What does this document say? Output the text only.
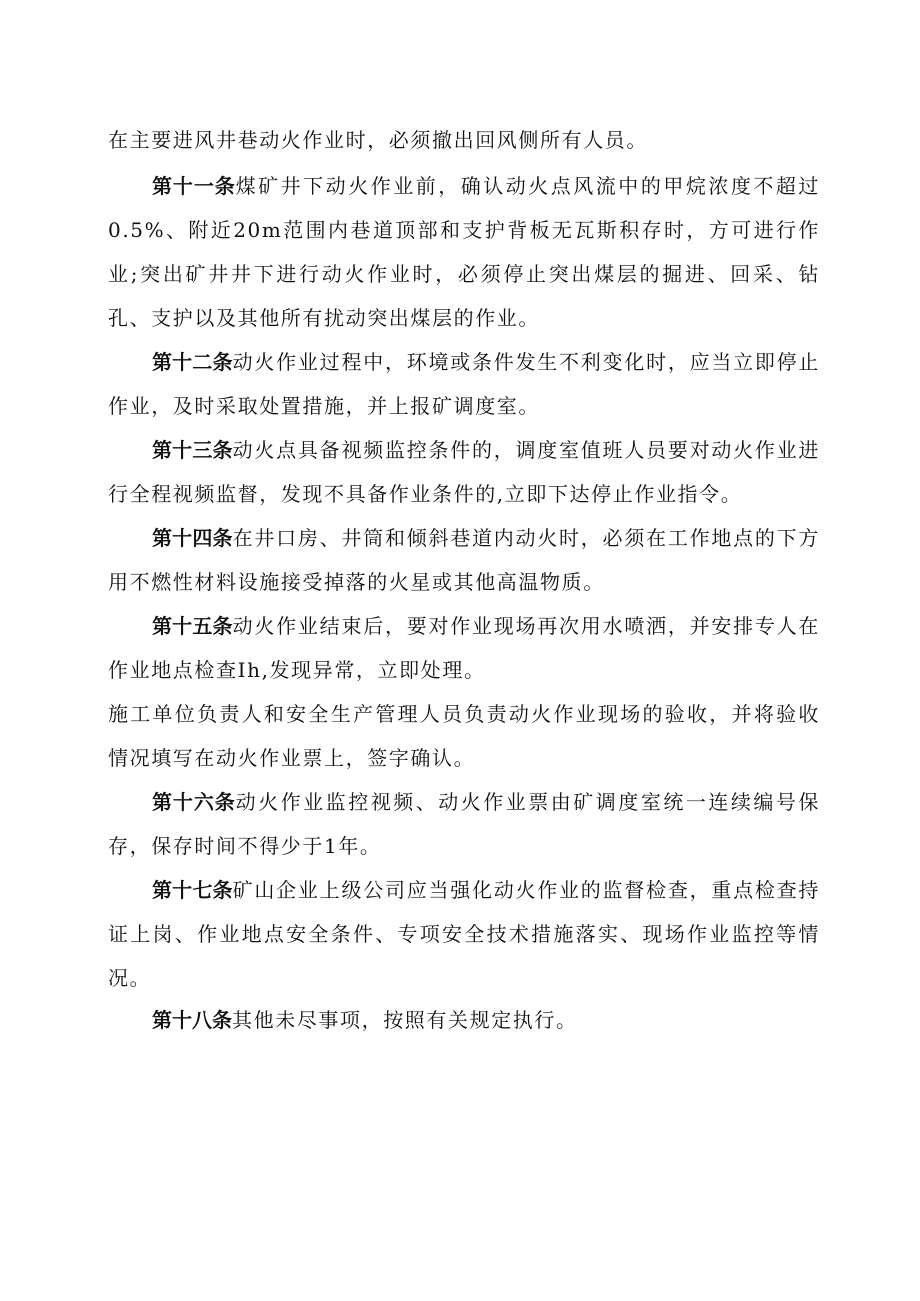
在主要进风井巷动火作业时，必须撤出回风侧所有人员。

第十一条煤矿井下动火作业前，确认动火点风流中的甲烷浓度不超过0.5%、附近20m范围内巷道顶部和支护背板无瓦斯积存时，方可进行作业;突出矿井井下进行动火作业时，必须停止突出煤层的掘进、回采、钻孔、支护以及其他所有扰动突出煤层的作业。

第十二条动火作业过程中，环境或条件发生不利变化时，应当立即停止作业，及时采取处置措施，并上报矿调度室。

第十三条动火点具备视频监控条件的，调度室值班人员要对动火作业进行全程视频监督，发现不具备作业条件的,立即下达停止作业指令。

第十四条在井口房、井筒和倾斜巷道内动火时，必须在工作地点的下方用不燃性材料设施接受掉落的火星或其他高温物质。

第十五条动火作业结束后，要对作业现场再次用水喷洒，并安排专人在作业地点检查Ih,发现异常，立即处理。

施工单位负责人和安全生产管理人员负责动火作业现场的验收，并将验收情况填写在动火作业票上，签字确认。

第十六条动火作业监控视频、动火作业票由矿调度室统一连续编号保存，保存时间不得少于1年。

第十七条矿山企业上级公司应当强化动火作业的监督检查，重点检查持证上岗、作业地点安全条件、专项安全技术措施落实、现场作业监控等情况。

第十八条其他未尽事项，按照有关规定执行。
